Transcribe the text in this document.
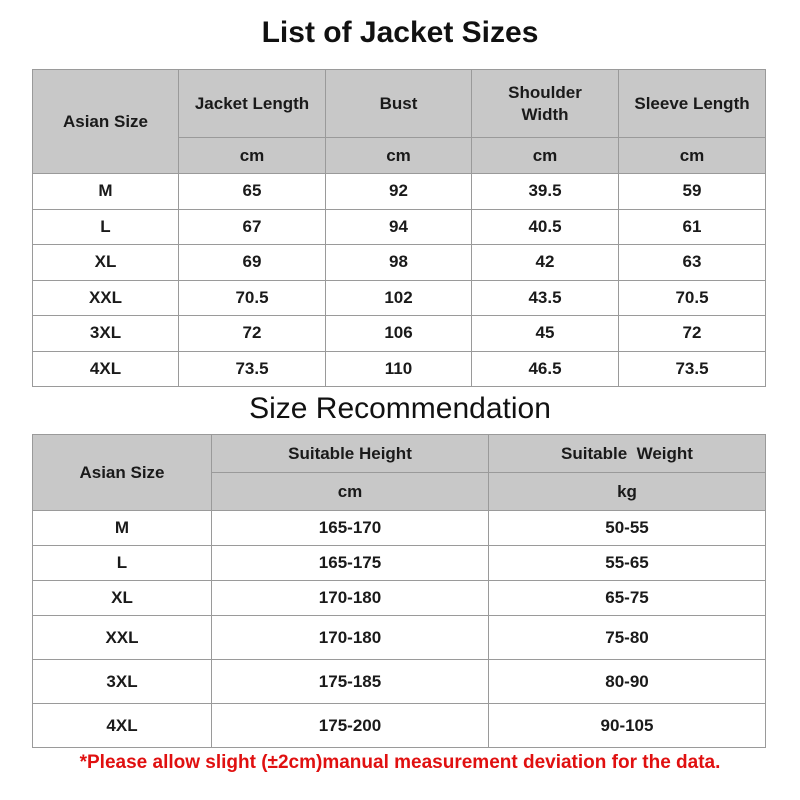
List of Jacket Sizes
Asian Size	Jacket Length	Bust	Shoulder Width	Sleeve Length
	cm	cm	cm	cm
M	65	92	39.5	59
L	67	94	40.5	61
XL	69	98	42	63
XXL	70.5	102	43.5	70.5
3XL	72	106	45	72
4XL	73.5	110	46.5	73.5
Size Recommendation
Asian Size	Suitable Height	Suitable  Weight
	cm	kg
M	165-170	50-55
L	165-175	55-65
XL	170-180	65-75
XXL	170-180	75-80
3XL	175-185	80-90
4XL	175-200	90-105
*Please allow slight (±2cm)manual measurement deviation for the data.
